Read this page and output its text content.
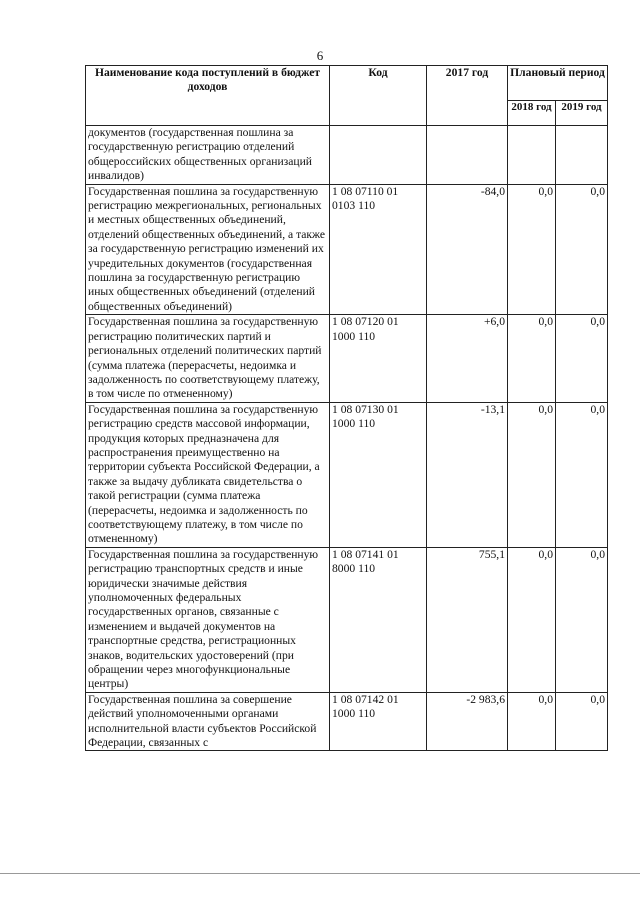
6
Наименование кода поступлений в бюджет доходов	Код	2017 год	Плановый период	
			2018 год	2019 год
документов (государственная пошлина за государственную регистрацию отделений общероссийских общественных организаций инвалидов)				
Государственная пошлина за государственную регистрацию межрегиональных, региональных и местных общественных объединений, отделений общественных объединений, а также за государственную регистрацию изменений их учредительных документов (государственная пошлина за государственную регистрацию иных общественных объединений (отделений общественных объединений)	1 08 07110 01 0103 110	-84,0	0,0	0,0
Государственная пошлина за государственную регистрацию политических партий и региональных отделений политических партий (сумма платежа (перерасчеты, недоимка и задолженность по соответствующему платежу, в том числе по отмененному)	1 08 07120 01 1000 110	+6,0	0,0	0,0
Государственная пошлина за государственную регистрацию средств массовой информации, продукция которых предназначена для распространения преимущественно на территории субъекта Российской Федерации, а также за выдачу дубликата свидетельства о такой регистрации (сумма платежа (перерасчеты, недоимка и задолженность по соответствующему платежу, в том числе по отмененному)	1 08 07130 01 1000 110	-13,1	0,0	0,0
Государственная пошлина за государственную регистрацию транспортных средств и иные юридически значимые действия уполномоченных федеральных государственных органов, связанные с изменением и выдачей документов на транспортные средства, регистрационных знаков, водительских удостоверений (при обращении через многофункциональные центры)	1 08 07141 01 8000 110	755,1	0,0	0,0
Государственная пошлина за совершение действий уполномоченными органами исполнительной власти субъектов Российской Федерации, связанных с	1 08 07142 01 1000 110	-2 983,6	0,0	0,0
